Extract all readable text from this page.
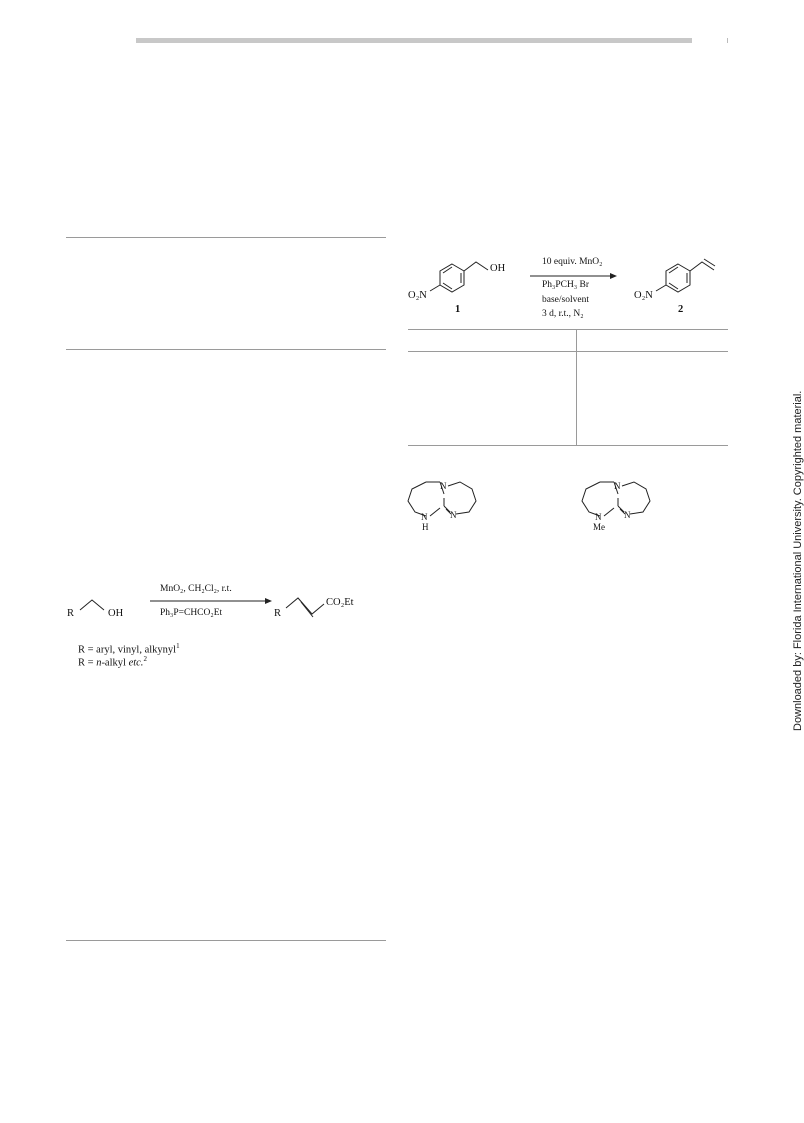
R	OH
MnO₂, CH₂Cl₂, r.t.
Ph₃P=CHCO₂Et	R
CO₂Et
R = aryl, vinyl, alkynyl$^1$
R = n-alkyl etc.$^2$
OH
O₂N
1
10 equiv. MnO₂
Ph₃PCH₃ Br
base/solvent
3 d, r.t., N₂
O₂N
2
N
N
H
N
N
N
Me
N	Downloaded by: Florida International University. Copyrighted material.
